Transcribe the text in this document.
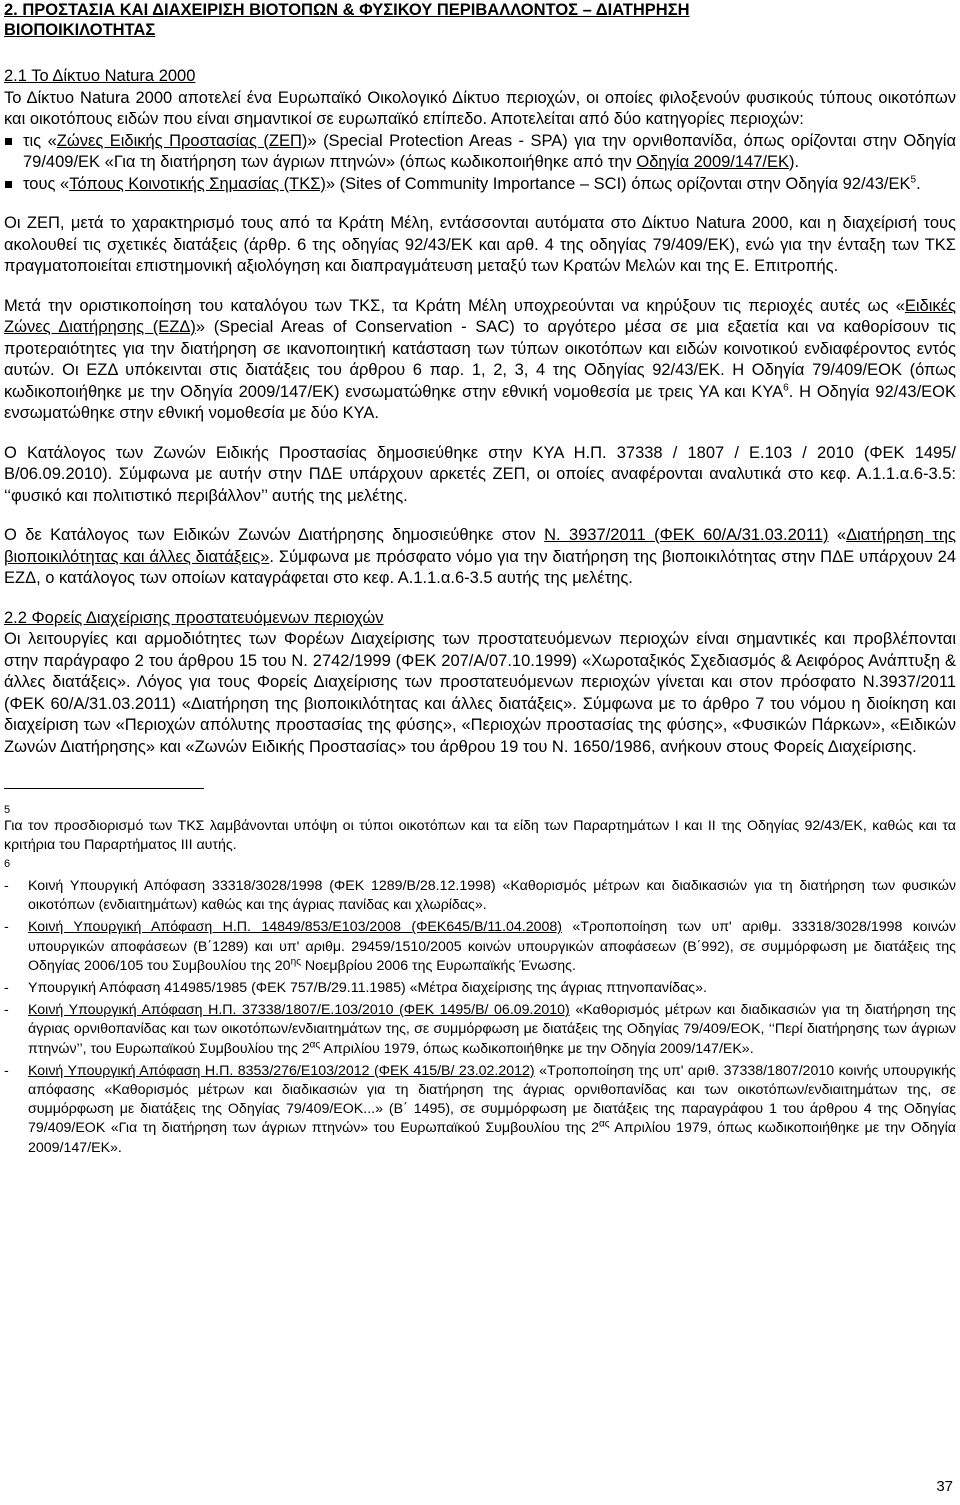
2. ΠΡΟΣΤΑΣΙΑ ΚΑΙ ΔΙΑΧΕΙΡΙΣΗ ΒΙΟΤΟΠΩΝ & ΦΥΣΙΚΟΥ ΠΕΡΙΒΑΛΛΟΝΤΟΣ – ΔΙΑΤΗΡΗΣΗ
ΒΙΟΠΟΙΚΙΛΟΤΗΤΑΣ
2.1 Το Δίκτυο Natura 2000

Το Δίκτυο Natura 2000 αποτελεί ένα Ευρωπαϊκό Οικολογικό Δίκτυο περιοχών, οι οποίες φιλοξενούν φυσικούς τύπους οικοτόπων και οικοτόπους ειδών που είναι σημαντικοί σε ευρωπαϊκό επίπεδο. Αποτελείται από δύο κατηγορίες περιοχών:

τις «Ζώνες Ειδικής Προστασίας (ΖΕΠ)» (Special Protection Areas - SPA) για την ορνιθοπανίδα, όπως ορίζονται στην Οδηγία 79/409/ΕΚ «Για τη διατήρηση των άγριων πτηνών» (όπως κωδικοποιήθηκε από την Οδηγία 2009/147/ΕΚ).
τους «Τόπους Κοινοτικής Σημασίας (ΤΚΣ)» (Sites of Community Importance – SCI) όπως ορίζονται στην Οδηγία $92/43/EK^5$.

Οι ΖΕΠ, μετά το χαρακτηρισμό τους από τα Κράτη Μέλη, εντάσσονται αυτόματα στο Δίκτυο Natura 2000, και η διαχείρισή τους ακολουθεί τις σχετικές διατάξεις (άρθρ. 6 της οδηγίας 92/43/ΕΚ και αρθ. 4 της οδηγίας 79/409/ΕΚ), ενώ για την ένταξη των ΤΚΣ πραγματοποιείται επιστημονική αξιολόγηση και διαπραγμάτευση μεταξύ των Κρατών Μελών και της Ε. Επιτροπής.

Μετά την οριστικοποίηση του καταλόγου των ΤΚΣ, τα Κράτη Μέλη υποχρεούνται να κηρύξουν τις περιοχές αυτές ως «Ειδικές Ζώνες Διατήρησης (ΕΖΔ)» (Special Areas of Conservation - SAC) το αργότερο μέσα σε μια εξαετία και να καθορίσουν τις προτεραιότητες για την διατήρηση σε ικανοποιητική κατάσταση των τύπων οικοτόπων και ειδών κοινοτικού ενδιαφέροντος εντός αυτών. Οι ΕΖΔ υπόκεινται στις διατάξεις του άρθρου 6 παρ. 1, 2, 3, 4 της Οδηγίας 92/43/ΕΚ. Η Οδηγία 79/409/ΕΟΚ (όπως κωδικοποιήθηκε με την Οδηγία 2009/147/ΕΚ) ενσωματώθηκε στην εθνική νομοθεσία με τρεις ΥΑ και ΚΥΑ$^6$. Η Οδηγία 92/43/ΕΟΚ ενσωματώθηκε στην εθνική νομοθεσία με δύο ΚΥΑ.

Ο Κατάλογος των Ζωνών Ειδικής Προστασίας δημοσιεύθηκε στην ΚΥΑ Η.Π. 37338 / 1807 / Ε.103 / 2010 (ΦΕΚ 1495/Β/06.09.2010). Σύμφωνα με αυτήν στην ΠΔΕ υπάρχουν αρκετές ΖΕΠ, οι οποίες αναφέρονται αναλυτικά στο κεφ. Α.1.1.α.6-3.5: ‘‘φυσικό και πολιτιστικό περιβάλλον’’ αυτής της μελέτης.

Ο δε Κατάλογος των Ειδικών Ζωνών Διατήρησης δημοσιεύθηκε στον Ν. 3937/2011 (ΦΕΚ 60/Α/31.03.2011) «Διατήρηση της βιοποικιλότητας και άλλες διατάξεις». Σύμφωνα με πρόσφατο νόμο για την διατήρηση της βιοποικιλότητας στην ΠΔΕ υπάρχουν 24 ΕΖΔ, ο κατάλογος των οποίων καταγράφεται στο κεφ. Α.1.1.α.6-3.5 αυτής της μελέτης.

2.2 Φορείς Διαχείρισης προστατευόμενων περιοχών

Οι λειτουργίες και αρμοδιότητες των Φορέων Διαχείρισης των προστατευόμενων περιοχών είναι σημαντικές και προβλέπονται στην παράγραφο 2 του άρθρου 15 του Ν. 2742/1999 (ΦΕΚ 207/Α/07.10.1999) «Χωροταξικός Σχεδιασμός & Αειφόρος Ανάπτυξη & άλλες διατάξεις». Λόγος για τους Φορείς Διαχείρισης των προστατευόμενων περιοχών γίνεται και στον πρόσφατο Ν.3937/2011 (ΦΕΚ 60/Α/31.03.2011) «Διατήρηση της βιοποικιλότητας και άλλες διατάξεις». Σύμφωνα με το άρθρο 7 του νόμου η διοίκηση και διαχείριση των «Περιοχών απόλυτης προστασίας της φύσης», «Περιοχών προστασίας της φύσης», «Φυσικών Πάρκων», «Ειδικών Ζωνών Διατήρησης» και «Ζωνών Ειδικής Προστασίας» του άρθρου 19 του Ν. 1650/1986, ανήκουν στους Φορείς Διαχείρισης.

5

Για τον προσδιορισμό των ΤΚΣ λαμβάνονται υπόψη οι τύποι οικοτόπων και τα είδη των Παραρτημάτων Ι και ΙΙ της Οδηγίας 92/43/ΕΚ, καθώς και τα κριτήρια του Παραρτήματος ΙΙΙ αυτής.

6
- Κοινή Υπουργική Απόφαση 33318/3028/1998 (ΦΕΚ 1289/Β/28.12.1998) «Καθορισμός μέτρων και διαδικασιών για τη διατήρηση των φυσικών οικοτόπων (ενδιαιτημάτων) καθώς και της άγριας πανίδας και χλωρίδας».
- Κοινή Υπουργική Απόφαση Η.Π. 14849/853/Ε103/2008 (ΦΕΚ645/Β/11.04.2008) «Τροποποίηση των υπ' αριθμ. 33318/3028/1998 κοινών υπουργικών αποφάσεων (Β΄1289) και υπ' αριθμ. 29459/1510/2005 κοινών υπουργικών αποφάσεων (Β΄992), σε συμμόρφωση με διατάξεις της Οδηγίας 2006/105 του Συμβουλίου της $20^{\eta\varsigma}$ Νοεμβρίου 2006 της Ευρωπαϊκής Ένωσης.
- Υπουργική Απόφαση 414985/1985 (ΦΕΚ 757/Β/29.11.1985) «Μέτρα διαχείρισης της άγριας πτηνοπανίδας».
- Κοινή Υπουργική Απόφαση Η.Π. 37338/1807/Ε.103/2010 (ΦΕΚ 1495/Β/ 06.09.2010) «Καθορισμός μέτρων και διαδικασιών για τη διατήρηση της άγριας ορνιθοπανίδας και των οικοτόπων/ενδιαιτημάτων της, σε συμμόρφωση με διατάξεις της Οδηγίας 79/409/ΕΟΚ, ‘‘Περί διατήρησης των άγριων πτηνών’’, του Ευρωπαϊκού Συμβουλίου της $2^{\alpha\varsigma}$ Απριλίου 1979, όπως κωδικοποιήθηκε με την Οδηγία 2009/147/ΕΚ».
- Κοινή Υπουργική Απόφαση Η.Π. 8353/276/Ε103/2012 (ΦΕΚ 415/Β/ 23.02.2012) «Τροποποίηση της υπ' αριθ. 37338/1807/2010 κοινής υπουργικής απόφασης «Καθορισμός μέτρων και διαδικασιών για τη διατήρηση της άγριας ορνιθοπανίδας και των οικοτόπων/ενδιαιτημάτων της, σε συμμόρφωση με διατάξεις της Οδηγίας 79/409/ΕΟΚ...» (Β΄ 1495), σε συμμόρφωση με διατάξεις της παραγράφου 1 του άρθρου 4 της Οδηγίας 79/409/ΕΟΚ «Για τη διατήρηση των άγριων πτηνών» του Ευρωπαϊκού Συμβουλίου της $2^{\alpha\varsigma}$ Απριλίου 1979, όπως κωδικοποιήθηκε με την Οδηγία 2009/147/ΕΚ».
37
